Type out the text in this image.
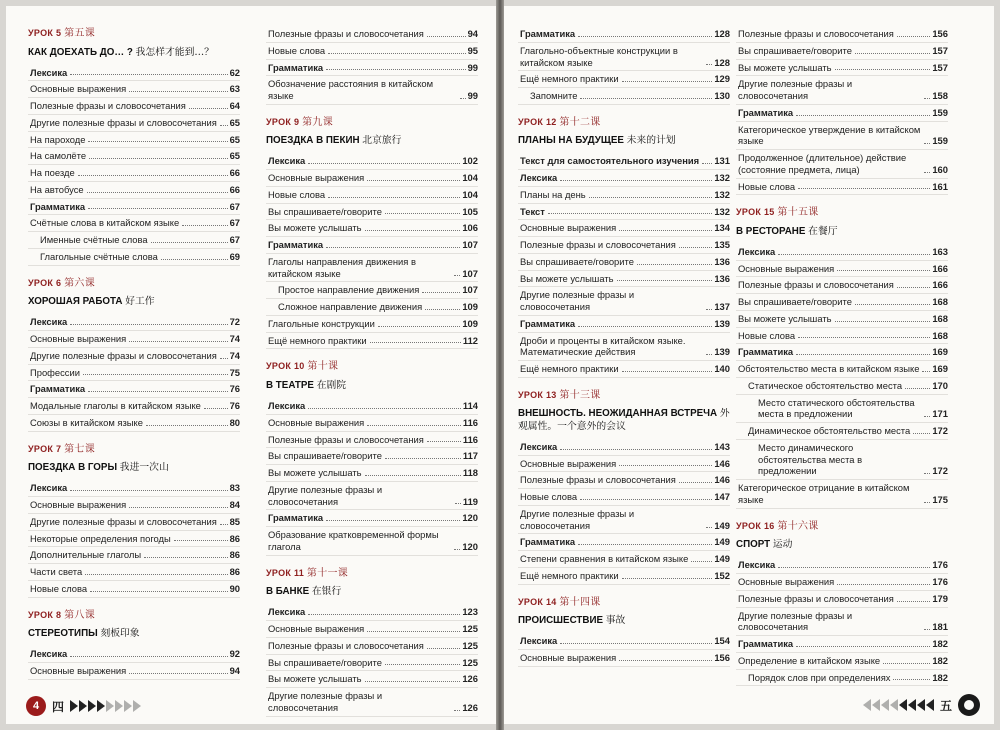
УРОК 5 第五课
КАК ДОЕХАТЬ ДО… ? 我怎样才能到…？
Лексика	62
Основные выражения	63
Полезные фразы и словосочетания	64
Другие полезные фразы и словосочетания 65
На пароходе	65
На самолёте	65
На поезде	66
На автобусе	66
Грамматика	67
Счётные слова в китайском языке	67
Именные счётные слова	67
Глагольные счётные слова	69
УРОК 6 第六课
ХОРОШАЯ РАБОТА 好工作
Лексика	72
Основные выражения	74
Другие полезные фразы и словосочетания 74
Профессии	75
Грамматика	76
Модальные глаголы в китайском языке	76
Союзы в китайском языке	80
УРОК 7 第七课
ПОЕЗДКА В ГОРЫ 我进一次山
Лексика	83
Основные выражения	84
Другие полезные фразы и словосочетания 85
Некоторые определения погоды	86
Дополнительные глаголы	86
Части света	86
Новые слова	90
УРОК 8 第八课
СТЕРЕОТИПЫ 刻板印象
Лексика	92
Основные выражения	94
Полезные фразы и словосочетания	94
Новые слова	95
Грамматика	99
Обозначение расстояния в китайском языке	99
УРОК 9 第九课
ПОЕЗДКА В ПЕКИН 北京旅行
Лексика	102
Основные выражения	104
Новые слова	104
Вы спрашиваете/говорите	105
Вы можете услышать	106
Грамматика	107
Глаголы направления движения в китайском языке	107
Простое направление движения	107
Сложное направление движения	109
Глагольные конструкции	109
Ещё немного практики	112
УРОК 10 第十课
В ТЕАТРЕ 在剧院
Лексика	114
Основные выражения	116
Полезные фразы и словосочетания	116
Вы спрашиваете/говорите	117
Вы можете услышать	118
Другие полезные фразы и словосочетания	119
Грамматика	120
Образование кратковременной формы глагола	120
УРОК 11 第十一课
В БАНКЕ 在银行
Лексика	123
Основные выражения	125
Полезные фразы и словосочетания	125
Вы спрашиваете/говорите	125
Вы можете услышать	126
Другие полезные фразы и словосочетания	126
4	四
Грамматика	128
Глагольно-объектные конструкции в китайском языке	128
Ещё немного практики	129
Запомните	130
УРОК 12 第十二课
ПЛАНЫ НА БУДУЩЕЕ 未来的计划
Текст для самостоятельного изучения 131
Лексика	132
Планы на день	132
Текст	132
Основные выражения	134
Полезные фразы и словосочетания	135
Вы спрашиваете/говорите	136
Вы можете услышать	136
Другие полезные фразы и словосочетания	137
Грамматика	139
Дроби и проценты в китайском языке. Математические действия	139
Ещё немного практики	140
УРОК 13 第十三课
ВНЕШНОСТЬ. НЕОЖИДАННАЯ ВСТРЕЧА 外观属性。一个意外的会议
Лексика	143
Основные выражения	146
Полезные фразы и словосочетания	146
Новые слова	147
Другие полезные фразы и словосочетания	149
Грамматика	149
Степени сравнения в китайском языке	149
Ещё немного практики	152
УРОК 14 第十四课
ПРОИСШЕСТВИЕ 事故
Лексика	154
Основные выражения	156
Полезные фразы и словосочетания	156
Вы спрашиваете/говорите	157
Вы можете услышать	157
Другие полезные фразы и словосочетания	158
Грамматика	159
Категорическое утверждение в китайском языке	159
Продолженное (длительное) действие (состояние предмета, лица)	160
Новые слова	161
УРОК 15 第十五课
В РЕСТОРАНЕ 在餐厅
Лексика	163
Основные выражения	166
Полезные фразы и словосочетания	166
Вы спрашиваете/говорите	168
Вы можете услышать	168
Новые слова	168
Грамматика	169
Обстоятельство места в китайском языке 169
Статическое обстоятельство места	170
Место статического обстоятельства места в предложении	171
Динамическое обстоятельство места 172
Место динамического обстоятельства места в предложении	172
Категорическое отрицание в китайском языке	175
УРОК 16 第十六课
СПОРТ 运动
Лексика	176
Основные выражения	176
Полезные фразы и словосочетания	179
Другие полезные фразы и словосочетания	181
Грамматика	182
Определение в китайском языке	182
Порядок слов при определениях	182
五
